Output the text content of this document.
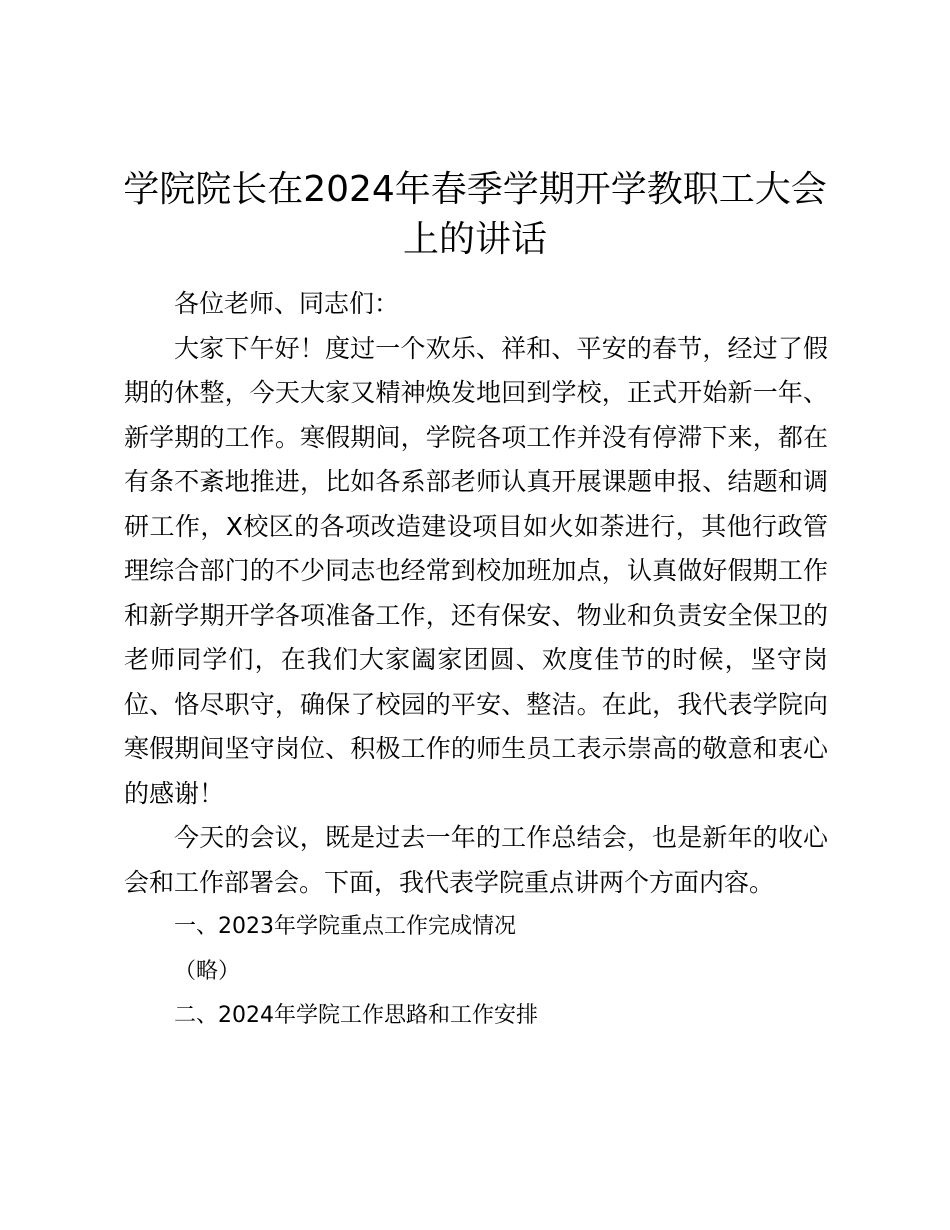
学院院长在2024年春季学期开学教职工大会上的讲话

各位老师、同志们：

大家下午好！度过一个欢乐、祥和、平安的春节，经过了假期的休整，今天大家又精神焕发地回到学校，正式开始新一年、新学期的工作。寒假期间，学院各项工作并没有停滞下来，都在有条不紊地推进，比如各系部老师认真开展课题申报、结题和调研工作，X校区的各项改造建设项目如火如荼进行，其他行政管理综合部门的不少同志也经常到校加班加点，认真做好假期工作和新学期开学各项准备工作，还有保安、物业和负责安全保卫的老师同学们，在我们大家阖家团圆、欢度佳节的时候，坚守岗位、恪尽职守，确保了校园的平安、整洁。在此，我代表学院向寒假期间坚守岗位、积极工作的师生员工表示崇高的敬意和衷心的感谢！

今天的会议，既是过去一年的工作总结会，也是新年的收心会和工作部署会。下面，我代表学院重点讲两个方面内容。

一、2023年学院重点工作完成情况

（略）

二、2024年学院工作思路和工作安排
